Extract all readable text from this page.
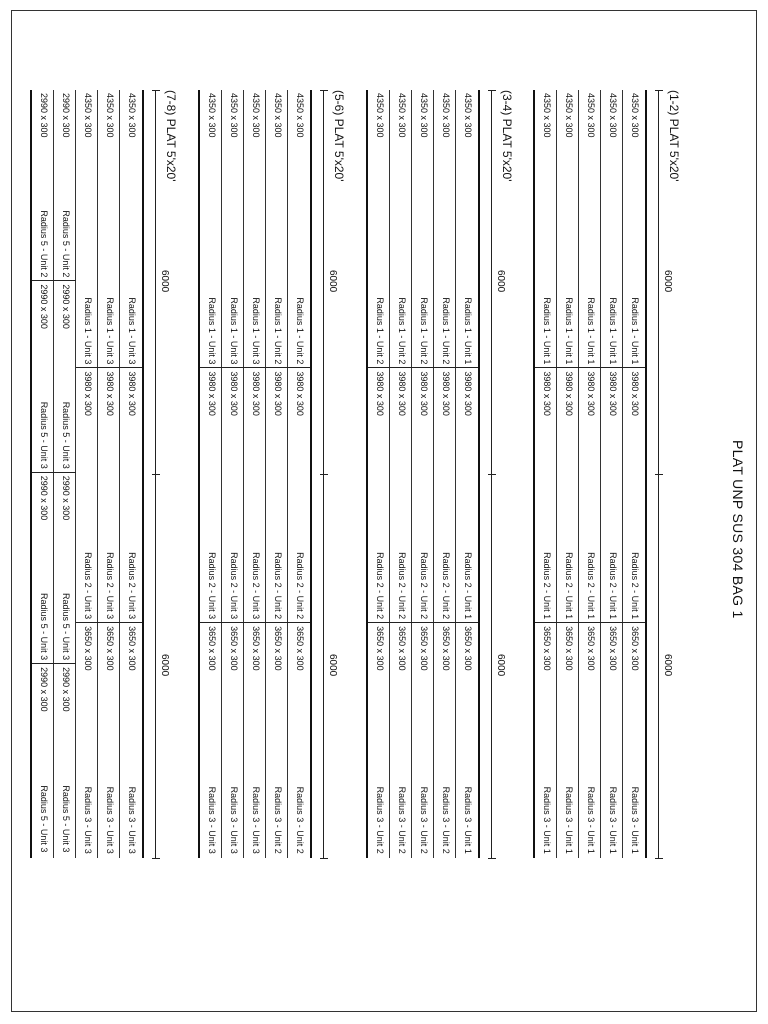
PLAT UNP SUS 304 BAG 1
(1-2) PLAT 5'x20'
6000
6000
4350 x 300
Radius 1 - Unit 1
3980 x 300
Radius 2 - Unit 1
3650 x 300
Radius 3 - Unit 1
4350 x 300
Radius 1 - Unit 1
3980 x 300
Radius 2 - Unit 1
3650 x 300
Radius 3 - Unit 1
4350 x 300
Radius 1 - Unit 1
3980 x 300
Radius 2 - Unit 1
3650 x 300
Radius 3 - Unit 1
4350 x 300
Radius 1 - Unit 1
3980 x 300
Radius 2 - Unit 1
3650 x 300
Radius 3 - Unit 1
4350 x 300
Radius 1 - Unit 1
3980 x 300
Radius 2 - Unit 1
3650 x 300
Radius 3 - Unit 1
(3-4) PLAT 5'x20'
6000
6000
4350 x 300
Radius 1 - Unit 1
3980 x 300
Radius 2 - Unit 1
3650 x 300
Radius 3 - Unit 1
4350 x 300
Radius 1 - Unit 2
3980 x 300
Radius 2 - Unit 2
3650 x 300
Radius 3 - Unit 2
4350 x 300
Radius 1 - Unit 2
3980 x 300
Radius 2 - Unit 2
3650 x 300
Radius 3 - Unit 2
4350 x 300
Radius 1 - Unit 2
3980 x 300
Radius 2 - Unit 2
3650 x 300
Radius 3 - Unit 2
4350 x 300
Radius 1 - Unit 2
3980 x 300
Radius 2 - Unit 2
3650 x 300
Radius 3 - Unit 2
(5-6) PLAT 5'x20'
6000
6000
4350 x 300
Radius 1 - Unit 2
3980 x 300
Radius 2 - Unit 2
3650 x 300
Radius 3 - Unit 2
4350 x 300
Radius 1 - Unit 2
3980 x 300
Radius 2 - Unit 2
3650 x 300
Radius 3 - Unit 2
4350 x 300
Radius 1 - Unit 3
3980 x 300
Radius 2 - Unit 3
3650 x 300
Radius 3 - Unit 3
4350 x 300
Radius 1 - Unit 3
3980 x 300
Radius 2 - Unit 3
3650 x 300
Radius 3 - Unit 3
4350 x 300
Radius 1 - Unit 3
3980 x 300
Radius 2 - Unit 3
3650 x 300
Radius 3 - Unit 3
(7-8) PLAT 5'x20'
6000
6000
4350 x 300
Radius 1 - Unit 3
3980 x 300
Radius 2 - Unit 3
3650 x 300
Radius 3 - Unit 3
4350 x 300
Radius 1 - Unit 3
3980 x 300
Radius 2 - Unit 3
3650 x 300
Radius 3 - Unit 3
4350 x 300
Radius 1 - Unit 3
3980 x 300
Radius 2 - Unit 3
3650 x 300
Radius 3 - Unit 3
2990 x 300
Radius 5 - Unit 2
2990 x 300
Radius 5 - Unit 3
2990 x 300
Radius 5 - Unit 3
2990 x 300
Radius 5 - Unit 3
2990 x 300
Radius 5 - Unit 2
2990 x 300
Radius 5 - Unit 3
2990 x 300
Radius 5 - Unit 3
2990 x 300
Radius 5 - Unit 3
